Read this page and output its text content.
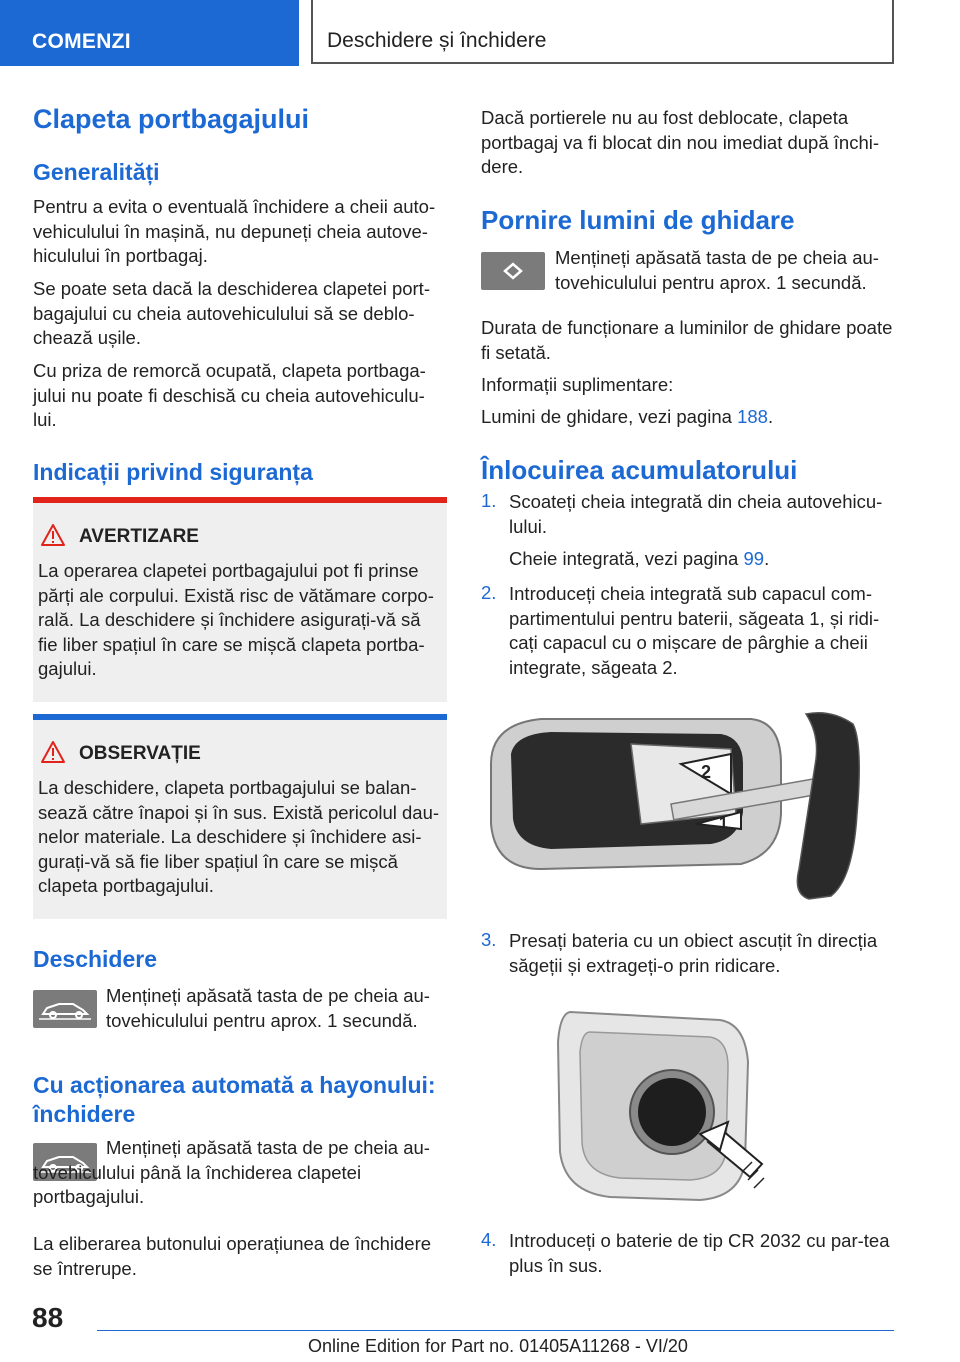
COMENZI	Deschidere și închidere
Clapeta portbagajului
Generalități

Pentru a evita o eventuală închidere a cheii auto-vehiculului în mașină, nu depuneți cheia autove-hiculului în portbagaj.

Se poate seta dacă la deschiderea clapetei port-bagajului cu cheia autovehiculului să se deblo-chează ușile.

Cu priza de remorcă ocupată, clapeta portbaga-jului nu poate fi deschisă cu cheia autovehiculu-lui.

Indicații privind siguranța
AVERTIZARE

La operarea clapetei portbagajului pot fi prinse părți ale corpului. Există risc de vătămare corpo-rală. La deschidere și închidere asigurați-vă să fie liber spațiul în care se mișcă clapeta portba-gajului.

OBSERVAȚIE

La deschidere, clapeta portbagajului se balan-sează către înapoi și în sus. Există pericolul dau-nelor materiale. La deschidere și închidere asi-gurați-vă să fie liber spațiul în care se mișcă clapeta portbagajului.

Deschidere

Mențineți apăsată tasta de pe cheia au-tovehiculului pentru aprox. 1 secundă.

Cu acționarea automată a hayonului: închidere

Mențineți apăsată tasta de pe cheia au-tovehiculului până la închiderea clapetei portbagajului.

La eliberarea butonului operațiunea de închidere se întrerupe.

Dacă portierele nu au fost deblocate, clapeta portbagaj va fi blocat din nou imediat după închi-dere.

Pornire lumini de ghidare

Mențineți apăsată tasta de pe cheia au-tovehiculului pentru aprox. 1 secundă.

Durata de funcționare a luminilor de ghidare poate fi setată.

Informații suplimentare:

Lumini de ghidare, vezi pagina 188.

Înlocuirea acumulatorului
1. Scoateți cheia integrată din cheia autovehicu-lului.

Cheie integrată, vezi pagina 99.

2. Introduceți cheia integrată sub capacul com-partimentului pentru baterii, săgeata 1, și ridi-cați capacul cu o mișcare de pârghie a cheii integrate, săgeata 2.

2
1
3. Presați bateria cu un obiect ascuțit în direcția săgeții și extrageți-o prin ridicare.

4. Introduceți o baterie de tip CR 2032 cu par-tea plus în sus.

88
Online Edition for Part no. 01405A11268 - VI/20
